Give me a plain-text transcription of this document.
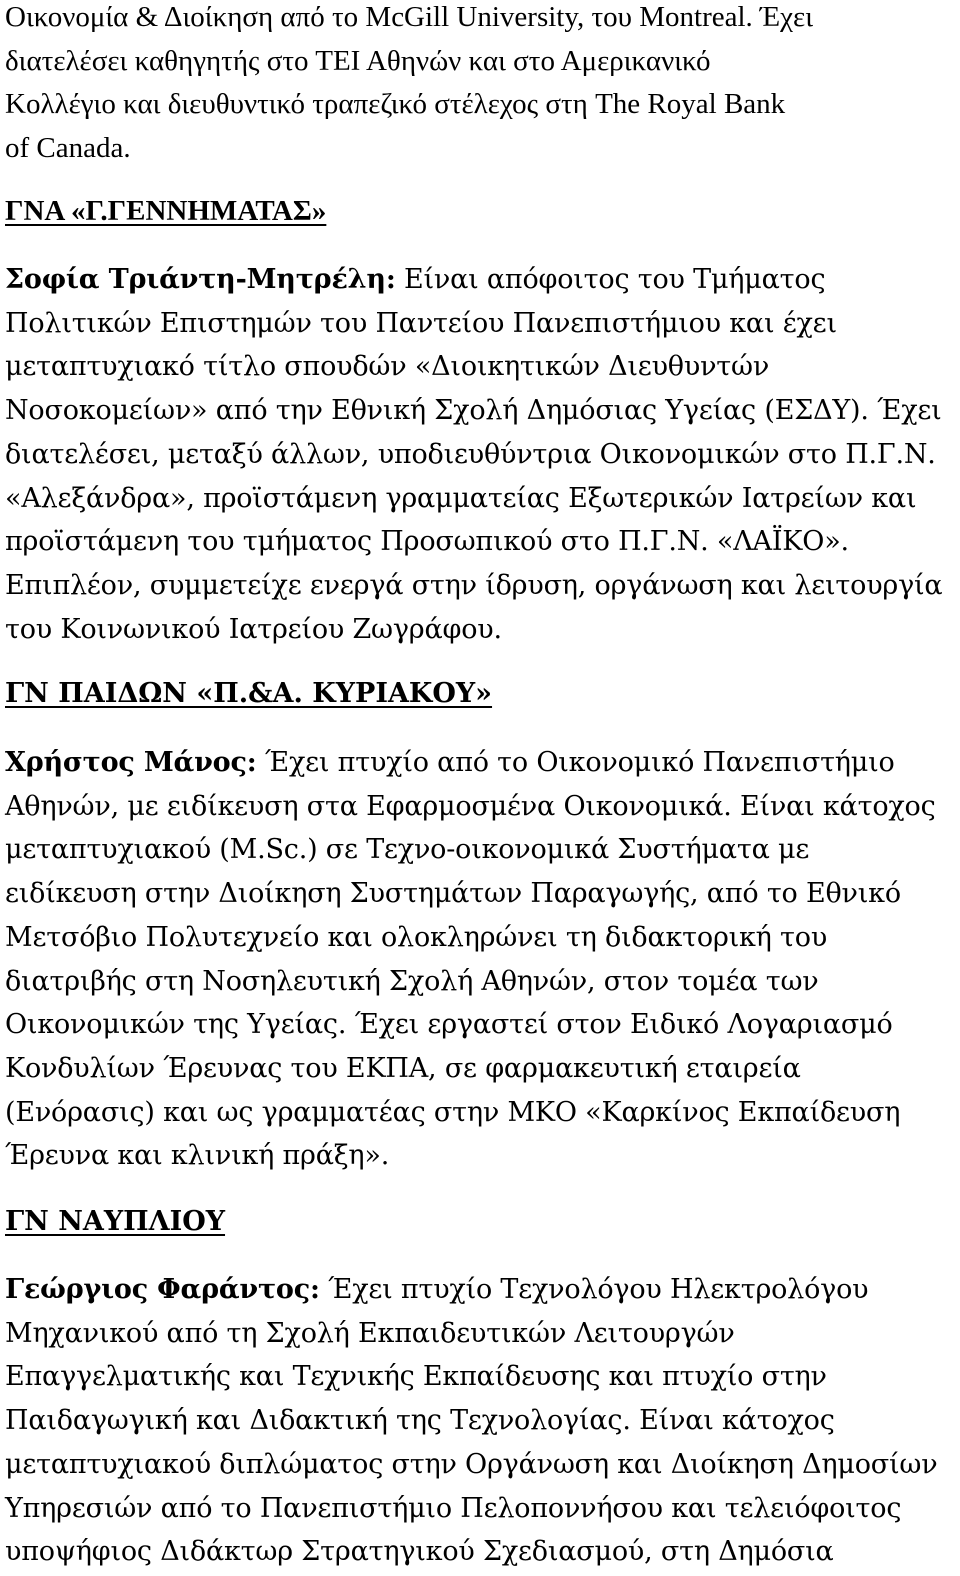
Οικονομία & Διοίκηση από το McGill University, του Montreal. Έχει
διατελέσει καθηγητής στο ΤΕΙ Αθηνών και στο Αμερικανικό
Κολλέγιο και διευθυντικό τραπεζικό στέλεχος στη The Royal Bank
of Canada.
ΓΝΑ «Γ.ΓΕΝΝΗΜΑΤΑΣ»
Σοφία Τριάντη-Μητρέλη: Είναι απόφοιτος του Τμήματος
Πολιτικών Επιστημών του Παντείου Πανεπιστήμιου και έχει
μεταπτυχιακό τίτλο σπουδών «Διοικητικών Διευθυντών
Νοσοκομείων» από την Εθνική Σχολή Δημόσιας Υγείας (ΕΣΔΥ). Έχει
διατελέσει, μεταξύ άλλων, υποδιευθύντρια Οικονομικών στο Π.Γ.Ν.
«Αλεξάνδρα», προϊστάμενη γραμματείας Εξωτερικών Ιατρείων και
προϊστάμενη του τμήματος Προσωπικού στο Π.Γ.Ν. «ΛΑΪΚΟ».
Επιπλέον, συμμετείχε ενεργά στην ίδρυση, οργάνωση και λειτουργία
του Κοινωνικού Ιατρείου Ζωγράφου.
ΓΝ ΠΑΙΔΩΝ «Π.&Α. ΚΥΡΙΑΚΟΥ»
Χρήστος Μάνος: Έχει πτυχίο από το Οικονομικό Πανεπιστήμιο
Αθηνών, με ειδίκευση στα Εφαρμοσμένα Οικονομικά. Είναι κάτοχος
μεταπτυχιακού (M.Sc.) σε Τεχνο-οικονομικά Συστήματα με
ειδίκευση στην Διοίκηση Συστημάτων Παραγωγής, από το Εθνικό
Μετσόβιο Πολυτεχνείο και ολοκληρώνει τη διδακτορική του
διατριβής στη Νοσηλευτική Σχολή Αθηνών, στον τομέα των
Οικονομικών της Υγείας. Έχει εργαστεί στον Ειδικό Λογαριασμό
Κονδυλίων Έρευνας του ΕΚΠΑ, σε φαρμακευτική εταιρεία
(Ενόρασις) και ως γραμματέας στην ΜΚΟ «Καρκίνος Εκπαίδευση
Έρευνα και κλινική πράξη».
ΓΝ ΝΑΥΠΛΙΟΥ
Γεώργιος Φαράντος: Έχει πτυχίο Τεχνολόγου Ηλεκτρολόγου
Μηχανικού από τη Σχολή Εκπαιδευτικών Λειτουργών
Επαγγελματικής και Τεχνικής Εκπαίδευσης και πτυχίο στην
Παιδαγωγική και Διδακτική της Τεχνολογίας. Είναι κάτοχος
μεταπτυχιακού διπλώματος στην Οργάνωση και Διοίκηση Δημοσίων
Υπηρεσιών από το Πανεπιστήμιο Πελοποννήσου και τελειόφοιτος
υποψήφιος Διδάκτωρ Στρατηγικού Σχεδιασμού, στη Δημόσια
